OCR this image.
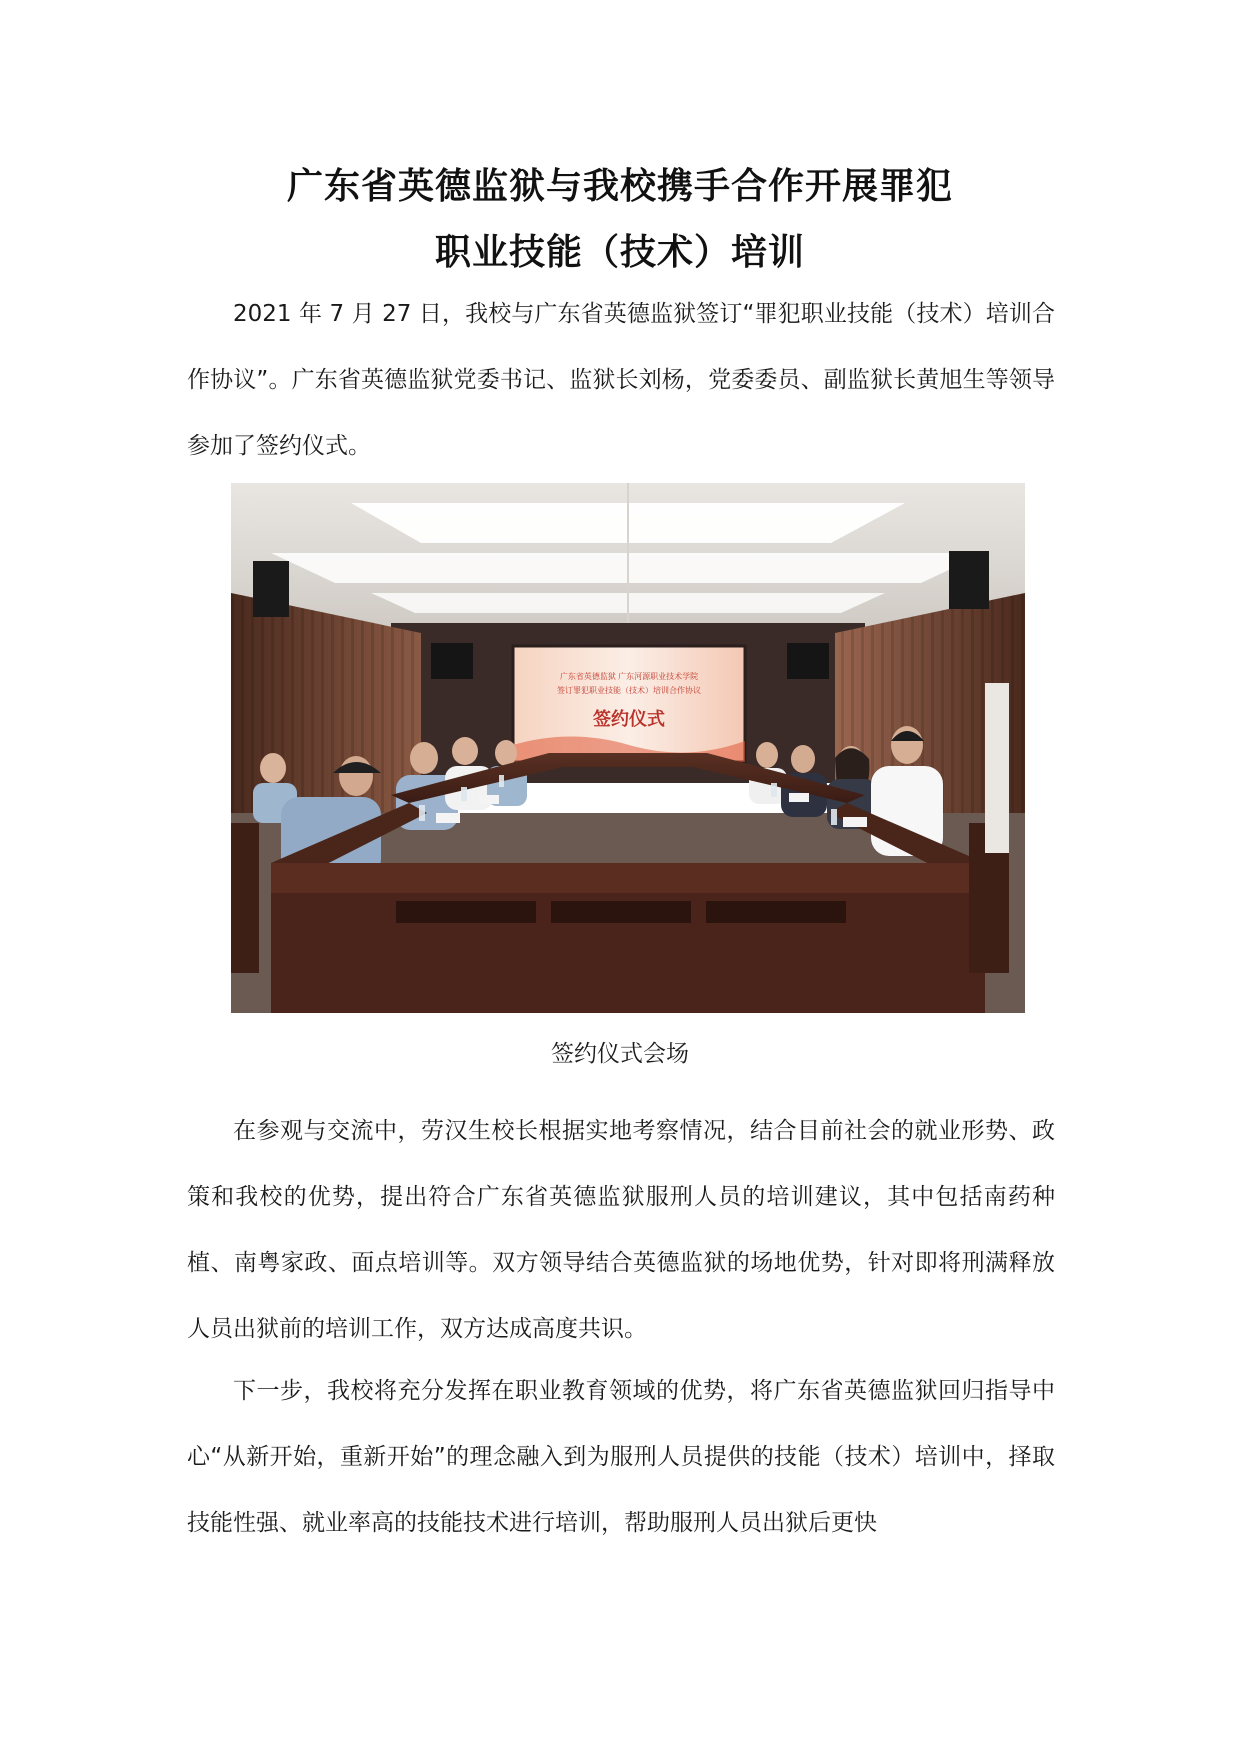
广东省英德监狱与我校携手合作开展罪犯
职业技能（技术）培训
2021 年 7 月 27 日，我校与广东省英德监狱签订“罪犯职业技能（技术）培训合作协议”。广东省英德监狱党委书记、监狱长刘杨，党委委员、副监狱长黄旭生等领导参加了签约仪式。
广东省英德监狱 广东河源职业技术学院
签订罪犯职业技能（技术）培训合作协议
签约仪式
签约仪式会场
在参观与交流中，劳汉生校长根据实地考察情况，结合目前社会的就业形势、政策和我校的优势，提出符合广东省英德监狱服刑人员的培训建议，其中包括南药种植、南粤家政、面点培训等。双方领导结合英德监狱的场地优势，针对即将刑满释放人员出狱前的培训工作，双方达成高度共识。
下一步，我校将充分发挥在职业教育领域的优势，将广东省英德监狱回归指导中心“从新开始，重新开始”的理念融入到为服刑人员提供的技能（技术）培训中，择取技能性强、就业率高的技能技术进行培训，帮助服刑人员出狱后更快
